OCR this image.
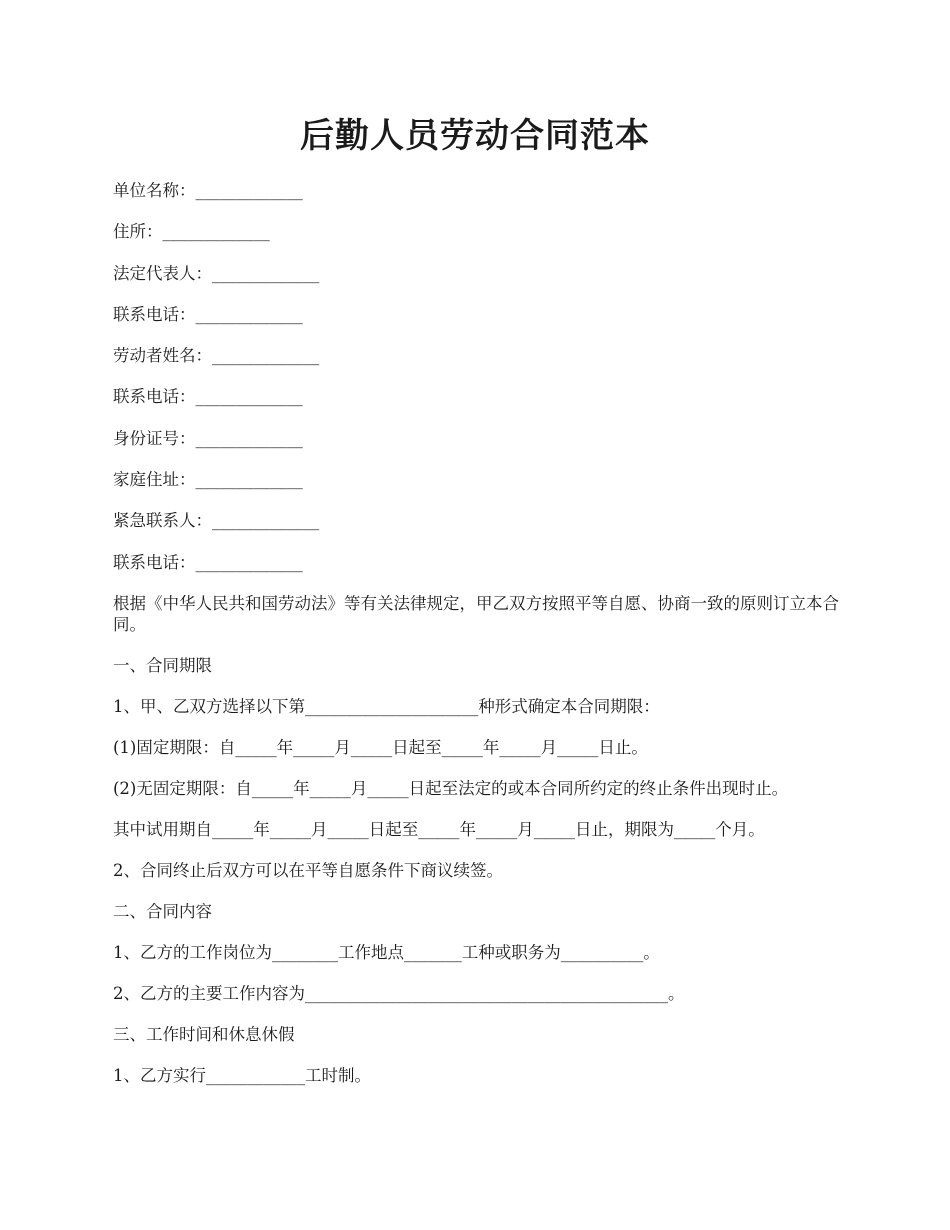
后勤人员劳动合同范本

单位名称：_____________

住所：_____________

法定代表人：_____________

联系电话：_____________

劳动者姓名：_____________

联系电话：_____________

身份证号：_____________

家庭住址：_____________

紧急联系人：_____________

联系电话：_____________

根据《中华人民共和国劳动法》等有关法律规定，甲乙双方按照平等自愿、协商一致的原则订立本合同。

一、合同期限

1、甲、乙双方选择以下第_____________________种形式确定本合同期限：

(1)固定期限：自_____年_____月_____日起至_____年_____月_____日止。

(2)无固定期限：自_____年_____月_____日起至法定的或本合同所约定的终止条件出现时止。

其中试用期自_____年_____月_____日起至_____年_____月_____日止，期限为_____个月。

2、合同终止后双方可以在平等自愿条件下商议续签。

二、合同内容

1、乙方的工作岗位为________工作地点_______工种或职务为__________。

2、乙方的主要工作内容为____________________________________________。

三、工作时间和休息休假

1、乙方实行____________工时制。
